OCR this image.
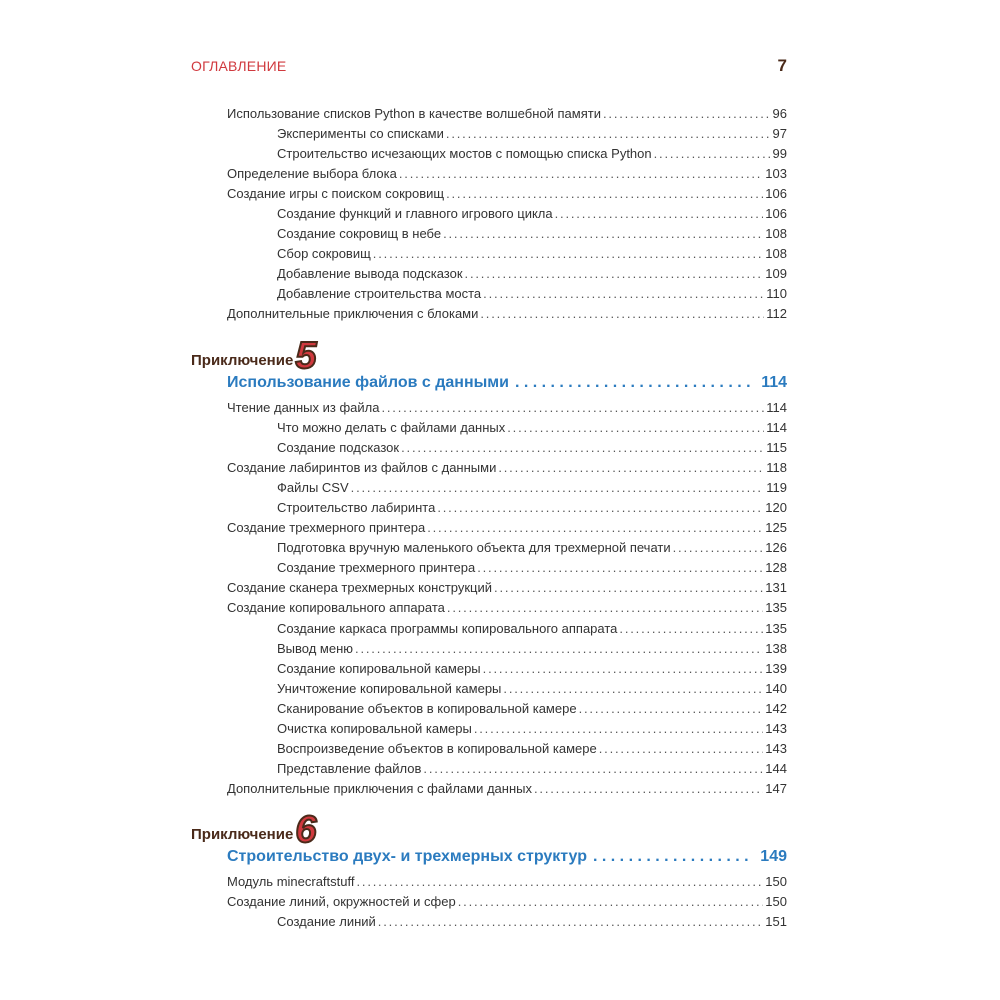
ОГЛАВЛЕНИЕ	7
Использование списков Python в качестве волшебной памяти . . .	96
Эксперименты со списками . . .	97
Строительство исчезающих мостов с помощью списка Python . . .	99
Определение выбора блока . . .	103
Создание игры с поиском сокровищ . . .	106
Создание функций и главного игрового цикла . . .	106
Создание сокровищ в небе . . .	108
Сбор сокровищ . . .	108
Добавление вывода подсказок . . .	109
Добавление строительства моста . . .	110
Дополнительные приключения с блоками . . .	112
Приключение 5
Использование файлов с данными . . .	114
Чтение данных из файла . . .	114
Что можно делать с файлами данных . . .	114
Создание подсказок . . .	115
Создание лабиринтов из файлов с данными . . .	118
Файлы CSV . . .	119
Строительство лабиринта . . .	120
Создание трехмерного принтера . . .	125
Подготовка вручную маленького объекта для трехмерной печати . . .	126
Создание трехмерного принтера . . .	128
Создание сканера трехмерных конструкций . . .	131
Создание копировального аппарата . . .	135
Создание каркаса программы копировального аппарата . . .	135
Вывод меню . . .	138
Создание копировальной камеры . . .	139
Уничтожение копировальной камеры . . .	140
Сканирование объектов в копировальной камере . . .	142
Очистка копировальной камеры . . .	143
Воспроизведение объектов в копировальной камере . . .	143
Представление файлов . . .	144
Дополнительные приключения с файлами данных . . .	147
Приключение 6
Строительство двух- и трехмерных структур . . .	149
Модуль minecraftstuff . . .	150
Создание линий, окружностей и сфер . . .	150
Создание линий . . .	151
